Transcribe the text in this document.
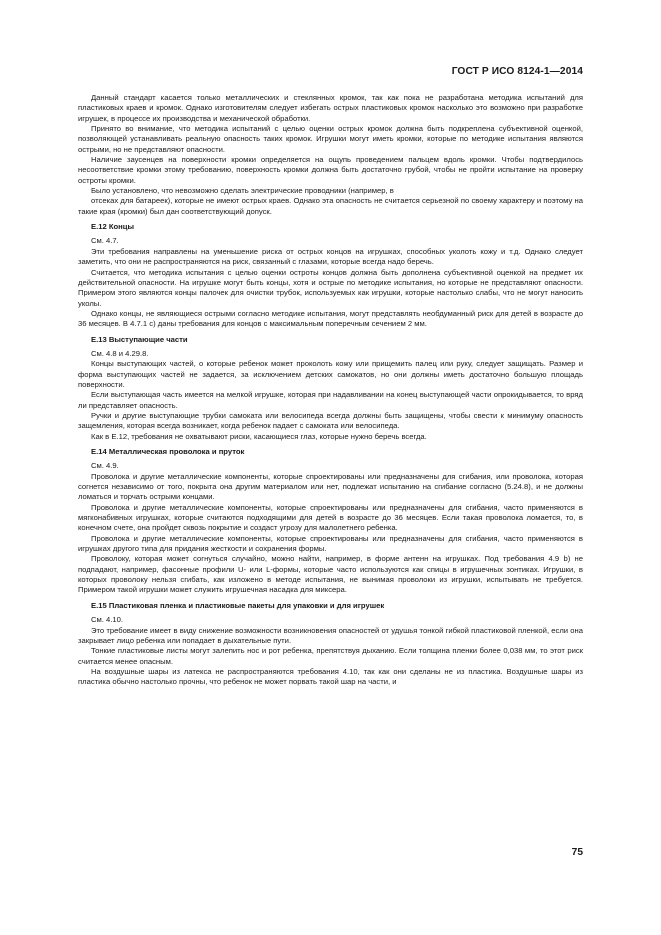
ГОСТ Р ИСО 8124-1—2014

Данный стандарт касается только металлических и стеклянных кромок, так как пока не разработана методика испытаний для пластиковых краев и кромок. Однако изготовителям следует избегать острых пластиковых кромок насколько это возможно при разработке игрушек, в процессе их производства и механической обработки.

Принято во внимание, что методика испытаний с целью оценки острых кромок должна быть подкреплена субъективной оценкой, позволяющей устанавливать реальную опасность таких кромок. Игрушки могут иметь кромки, которые по методике испытания являются острыми, но не представляют опасности.

Наличие заусенцев на поверхности кромки определяется на ощупь проведением пальцем вдоль кромки. Чтобы подтвердилось несоответствие кромки этому требованию, поверхность кромки должна быть достаточно грубой, чтобы не пройти испытание на проверку остроты кромки.

Было установлено, что невозможно сделать электрические проводники (например, в

отсеках для батареек), которые не имеют острых краев. Однако эта опасность не считается серьезной по своему характеру и поэтому на такие края (кромки) был дан соответствующий допуск.

Е.12 Концы

См. 4.7.

Эти требования направлены на уменьшение риска от острых концов на игрушках, способных уколоть кожу и т.д. Однако следует заметить, что они не распространяются на риск, связанный с глазами, которые всегда надо беречь.

Считается, что методика испытания с целью оценки остроты концов должна быть дополнена субъективной оценкой на предмет их действительной опасности. На игрушке могут быть концы, хотя и острые по методике испытания, но которые не представляют опасности. Примером этого являются концы палочек для очистки трубок, используемых как игрушки, которые настолько слабы, что не могут наносить уколы.

Однако концы, не являющиеся острыми согласно методике испытания, могут представлять необдуманный риск для детей в возрасте до 36 месяцев. В 4.7.1 с) даны требования для концов с максимальным поперечным сечением 2 мм.

Е.13 Выступающие части

См. 4.8 и 4.29.8.

Концы выступающих частей, о которые ребенок может проколоть кожу или прищемить палец или руку, следует защищать. Размер и форма выступающих частей не задается, за исключением детских самокатов, но они должны иметь достаточно большую площадь поверхности.

Если выступающая часть имеется на мелкой игрушке, которая при надавливании на конец выступающей части опрокидывается, то вряд ли представляет опасность.

Ручки и другие выступающие трубки самоката или велосипеда всегда должны быть защищены, чтобы свести к минимуму опасность защемления, которая всегда возникает, когда ребенок падает с самоката или велосипеда.

Как в Е.12, требования не охватывают риски, касающиеся глаз, которые нужно беречь всегда.

Е.14 Металлическая проволока и пруток

См. 4.9.

Проволока и другие металлические компоненты, которые спроектированы или предназначены для сгибания, или проволока, которая согнется независимо от того, покрыта она другим материалом или нет, подлежат испытанию на сгибание согласно (5.24.8), и не должны ломаться и торчать острыми концами.

Проволока и другие металлические компоненты, которые спроектированы или предназначены для сгибания, часто применяются в мягконабивных игрушках, которые считаются подходящими для детей в возрасте до 36 месяцев. Если такая проволока ломается, то, в конечном счете, она пройдет сквозь покрытие и создаст угрозу для малолетнего ребенка.

Проволока и другие металлические компоненты, которые спроектированы или предназначены для сгибания, часто применяются в игрушках другого типа для придания жесткости и сохранения формы.

Проволоку, которая может согнуться случайно, можно найти, например, в форме антенн на игрушках. Под требования 4.9 b) не подпадают, например, фасонные профили U- или L-формы, которые часто используются как спицы в игрушечных зонтиках. Игрушки, в которых проволоку нельзя сгибать, как изложено в методе испытания, не вынимая проволоки из игрушки, испытывать не требуется. Примером такой игрушки может служить игрушечная насадка для миксера.

Е.15 Пластиковая пленка и пластиковые пакеты для упаковки и для игрушек

См. 4.10.

Это требование имеет в виду снижение возможности возникновения опасностей от удушья тонкой гибкой пластиковой пленкой, если она закрывает лицо ребенка или попадает в дыхательные пути.

Тонкие пластиковые листы могут залепить нос и рот ребенка, препятствуя дыханию. Если толщина пленки более 0,038 мм, то этот риск считается менее опасным.

На воздушные шары из латекса не распространяются требования 4.10, так как они сделаны не из пластика. Воздушные шары из пластика обычно настолько прочны, что ребенок не может порвать такой шар на части, и

75
